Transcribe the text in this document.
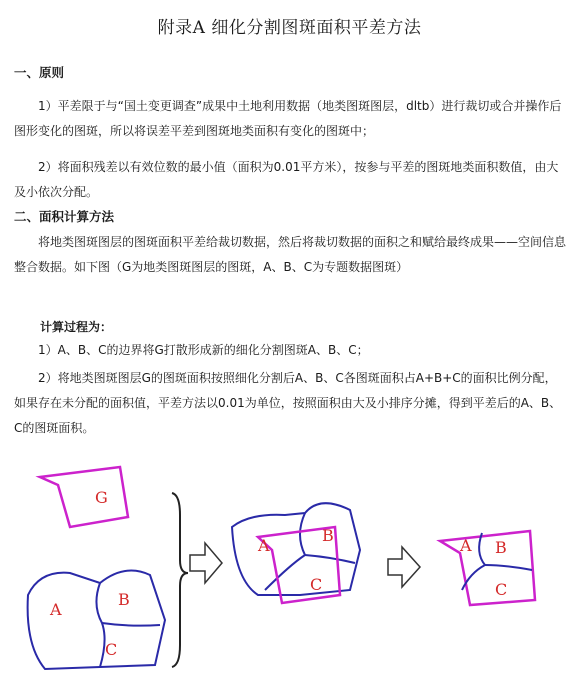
附录A 细化分割图斑面积平差方法
一、原则

1）平差限于与“国土变更调查”成果中土地利用数据（地类图斑图层，dltb）进行裁切或合并操作后图形变化的图斑，所以将误差平差到图斑地类面积有变化的图斑中；

2）将面积残差以有效位数的最小值（面积为0.01平方米），按参与平差的图斑地类面积数值，由大及小依次分配。

二、面积计算方法

将地类图斑图层的图斑面积平差给裁切数据，然后将裁切数据的面积之和赋给最终成果——空间信息整合数据。如下图（G为地类图斑图层的图斑，A、B、C为专题数据图斑）

计算过程为：

1）A、B、C的边界将G打散形成新的细化分割图斑A、B、C；

2）将地类图斑图层G的图斑面积按照细化分割后A、B、C各图斑面积占A+B+C的面积比例分配，如果存在未分配的面积值，平差方法以0.01为单位，按照面积由大及小排序分摊，得到平差后的A、B、C的图斑面积。

G
A
B
C
A
B
C
A B
C
